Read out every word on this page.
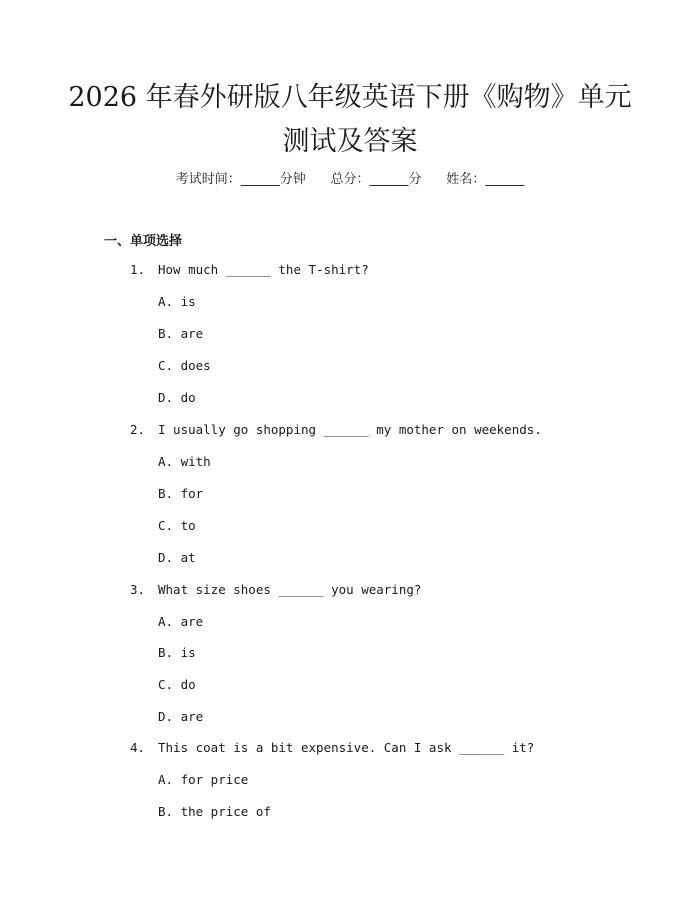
2026 年春外研版八年级英语下册《购物》单元测试及答案
考试时间：______分钟      总分：______分      姓名：______
一、单项选择
1. How much ______ the T-shirt?
A. is
B. are
C. does
D. do
2. I usually go shopping ______ my mother on weekends.
A. with
B. for
C. to
D. at
3. What size shoes ______ you wearing?
A. are
B. is
C. do
D. are
4. This coat is a bit expensive. Can I ask ______ it?
A. for price
B. the price of
